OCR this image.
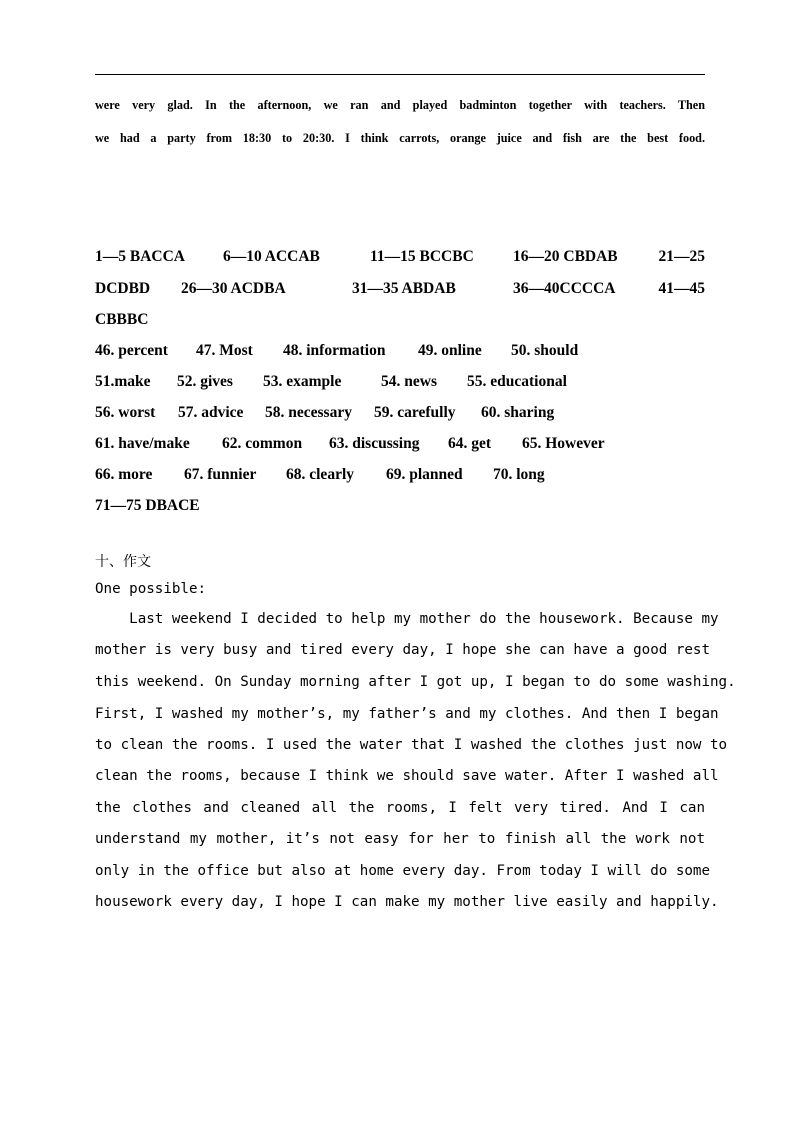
were very glad. In the afternoon, we ran and played badminton together with teachers. Then
we had a party from 18:30 to 20:30. I think carrots, orange juice and fish are the best food.
1—5 BACCA 6—10 ACCAB	11—15 BCCBC	16—20 CBDAB	21—25
DCDBD 26—30 ACDBA	31—35 ABDAB	36—40CCCCA	41—45
CBBBC
46. percent 47. Most 48. information 49. online 50. should
51.make 52. gives 53. example	54. news 55. educational
56. worst 57. advice 58. necessary 59. carefully 60. sharing
61. have/make 62. common 63. discussing 64. get 65. However
66. more 67. funnier 68. clearly 69. planned 70. long
71—75 DBACE
十、作文
One possible:
Last weekend I decided to help my mother do the housework. Because my
mother is very busy and tired every day, I hope she can have a good rest
this weekend. On Sunday morning after I got up, I began to do some washing.
First, I washed my mother’s, my father’s and my clothes. And then I began
to clean the rooms. I used the water that I washed the clothes just now to
clean the rooms, because I think we should save water. After I washed all
the clothes and cleaned all the rooms, I felt very tired. And I can
understand my mother, it’s not easy for her to finish all the work not
only in the office but also at home every day. From today I will do some
housework every day, I hope I can make my mother live easily and happily.
